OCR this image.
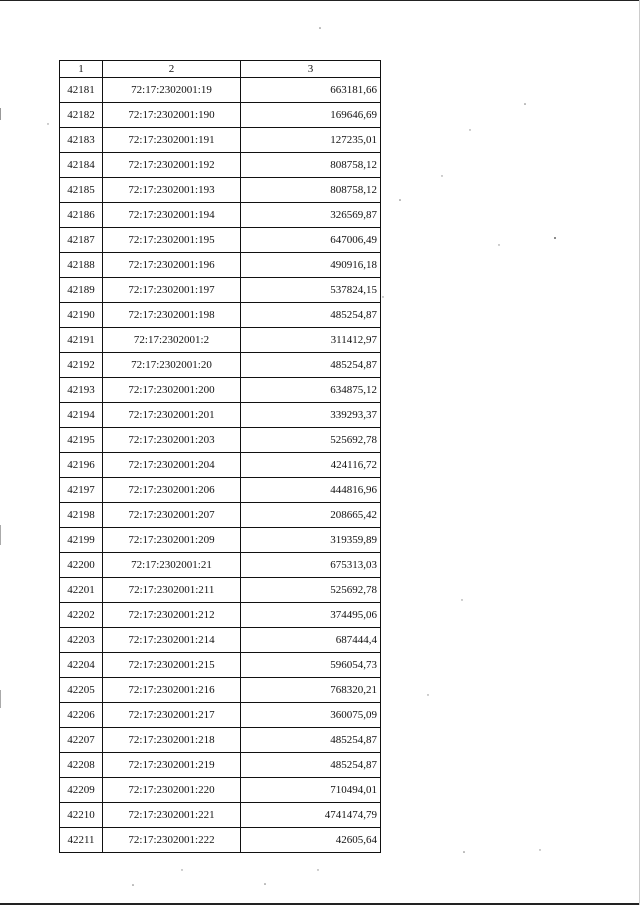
1	2	3
42181	72:17:2302001:19	663181,66
42182	72:17:2302001:190	169646,69
42183	72:17:2302001:191	127235,01
42184	72:17:2302001:192	808758,12
42185	72:17:2302001:193	808758,12
42186	72:17:2302001:194	326569,87
42187	72:17:2302001:195	647006,49
42188	72:17:2302001:196	490916,18
42189	72:17:2302001:197	537824,15
42190	72:17:2302001:198	485254,87
42191	72:17:2302001:2	311412,97
42192	72:17:2302001:20	485254,87
42193	72:17:2302001:200	634875,12
42194	72:17:2302001:201	339293,37
42195	72:17:2302001:203	525692,78
42196	72:17:2302001:204	424116,72
42197	72:17:2302001:206	444816,96
42198	72:17:2302001:207	208665,42
42199	72:17:2302001:209	319359,89
42200	72:17:2302001:21	675313,03
42201	72:17:2302001:211	525692,78
42202	72:17:2302001:212	374495,06
42203	72:17:2302001:214	687444,4
42204	72:17:2302001:215	596054,73
42205	72:17:2302001:216	768320,21
42206	72:17:2302001:217	360075,09
42207	72:17:2302001:218	485254,87
42208	72:17:2302001:219	485254,87
42209	72:17:2302001:220	710494,01
42210	72:17:2302001:221	4741474,79
42211	72:17:2302001:222	42605,64
